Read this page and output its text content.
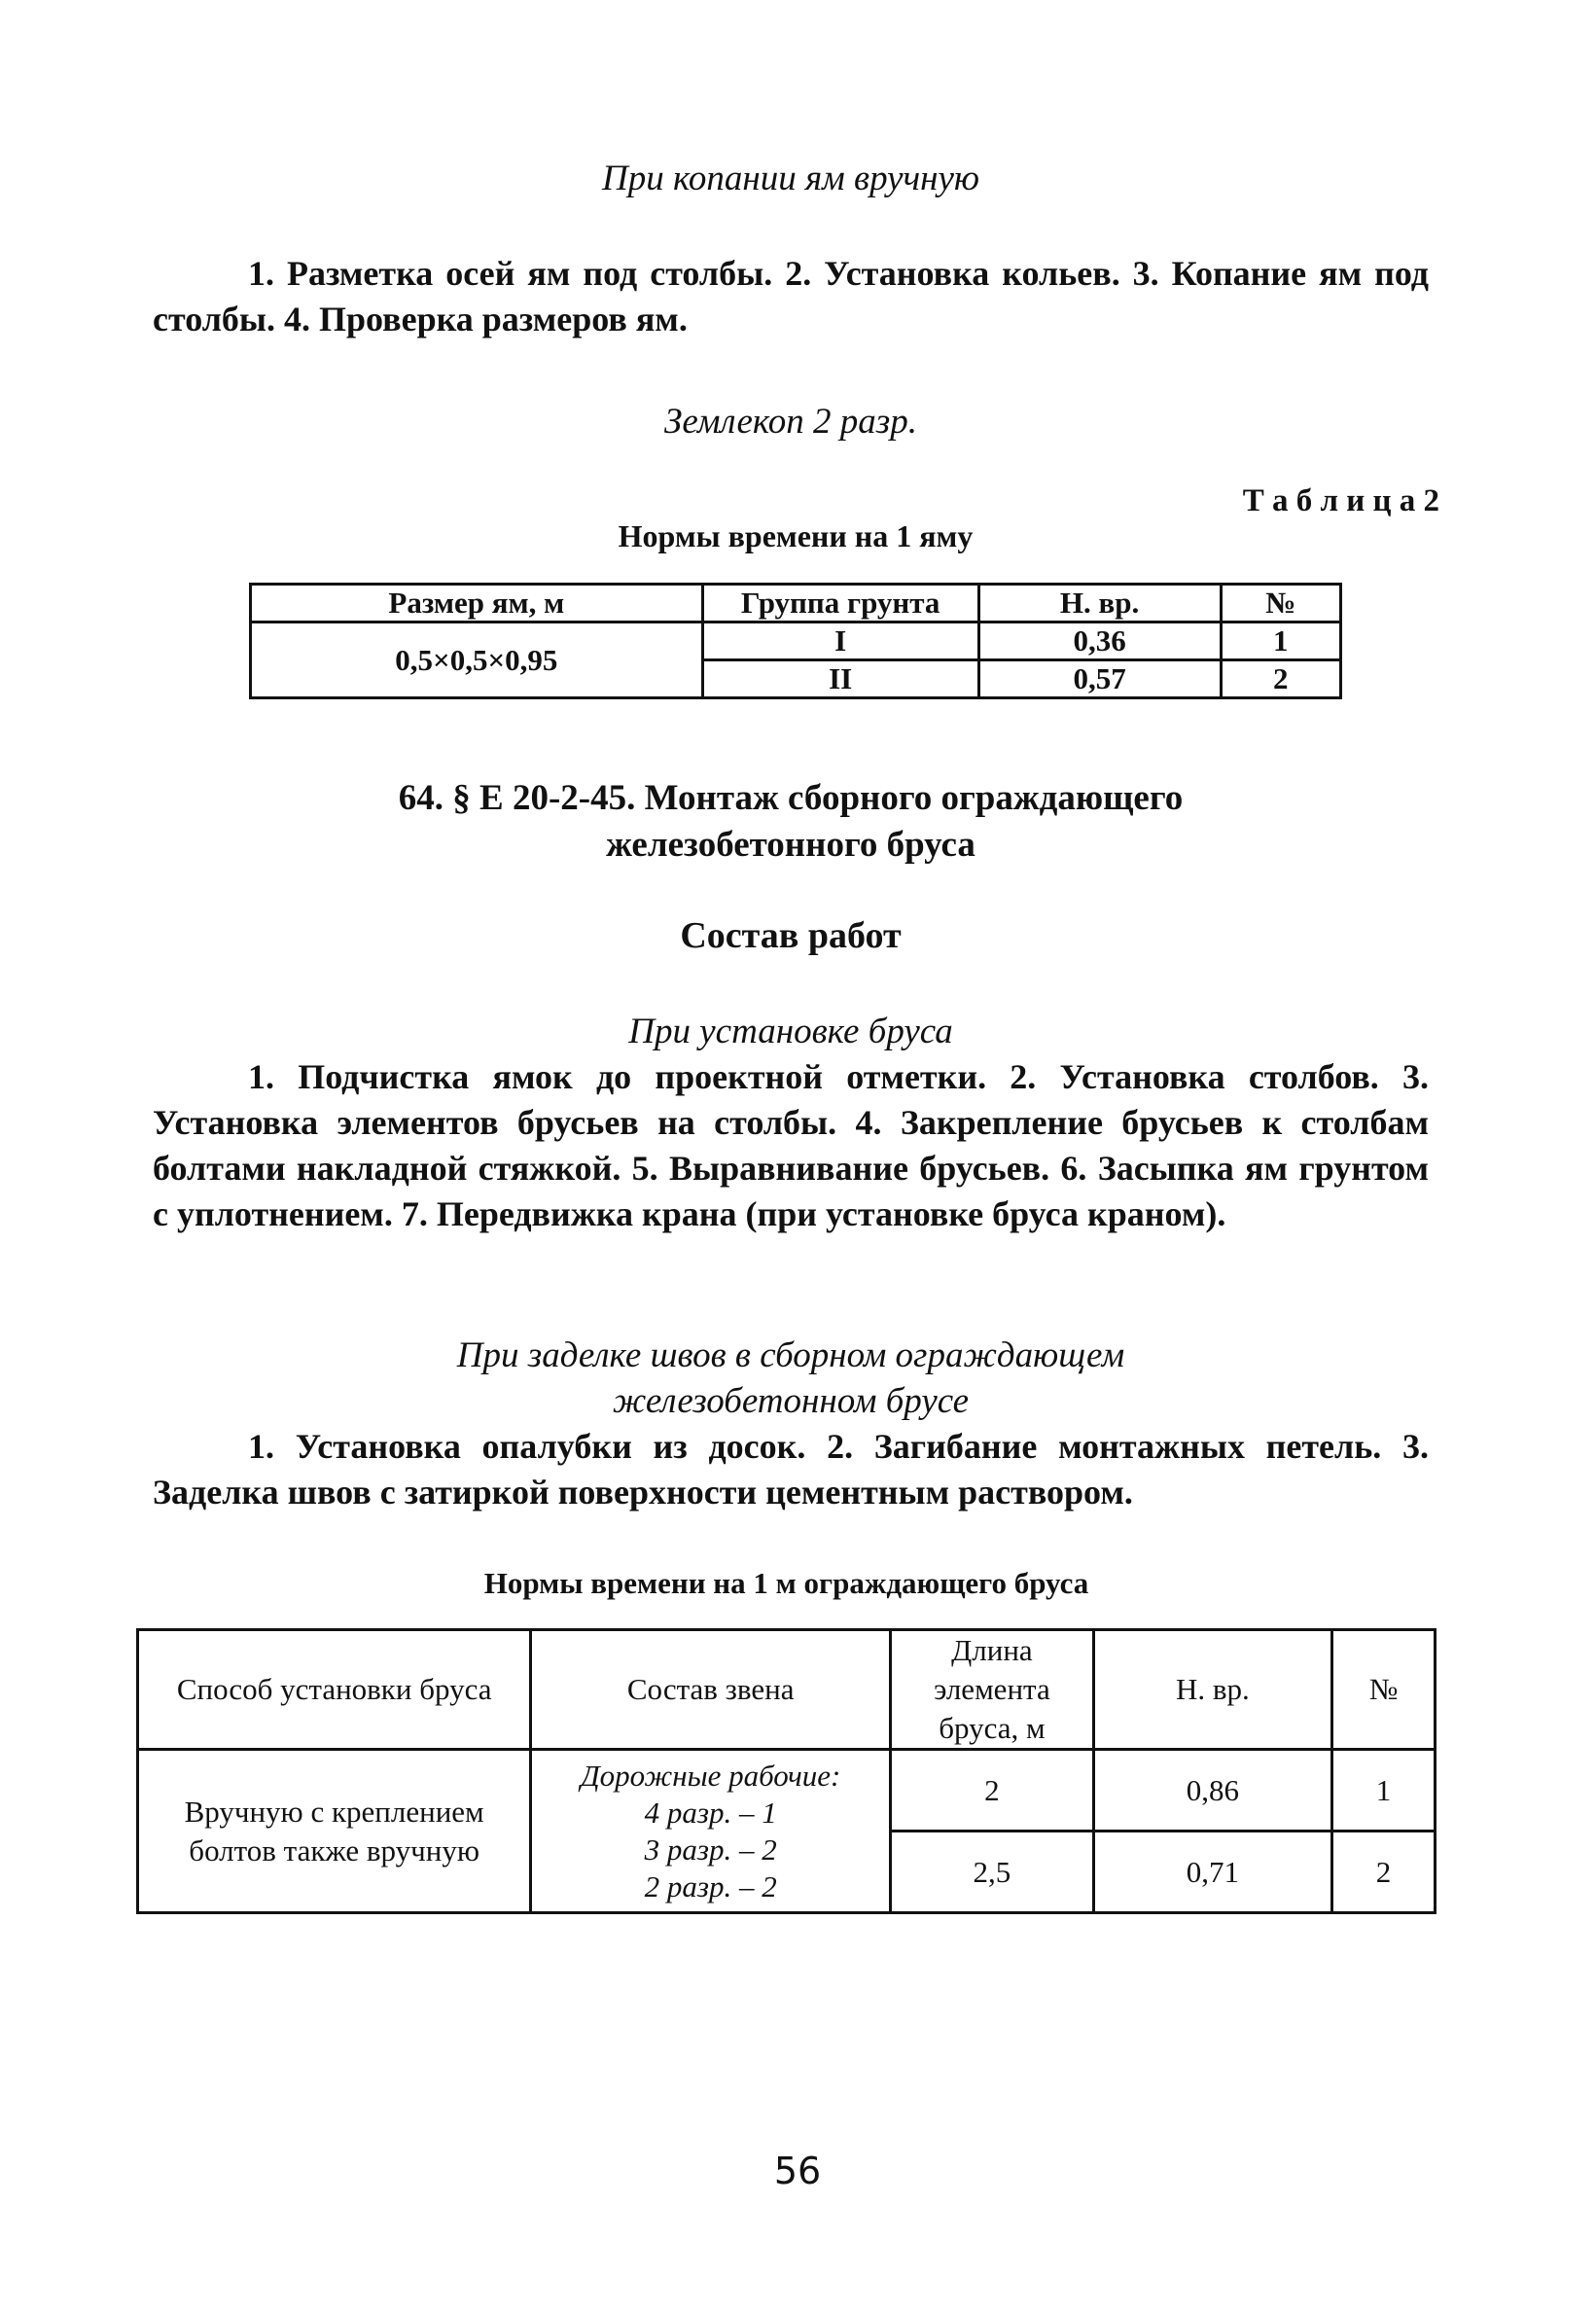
При копании ям вручную
1. Разметка осей ям под столбы. 2. Установка кольев. 3. Копание ям под столбы. 4. Проверка размеров ям.
Землекоп 2 разр.
Т а б л и ц а 2
Нормы времени на 1 яму
Размер ям, м	Группа грунта	Н. вр.	№
0,5×0,5×0,95	I	0,36	1
	II	0,57	2
64. § Е 20-2-45. Монтаж сборного ограждающего
железобетонного бруса
Состав работ
При установке бруса
1. Подчистка ямок до проектной отметки. 2. Установка столбов. 3. Установка элементов брусьев на столбы. 4. Закрепление брусьев к столбам болтами накладной стяжкой. 5. Выравнивание брусьев. 6. Засыпка ям грунтом с уплотнением. 7. Передвижка крана (при установке бруса краном).
При заделке швов в сборном ограждающем
железобетонном брусе
1. Установка опалубки из досок. 2. Загибание монтажных петель. 3. Заделка швов с затиркой поверхности цементным раствором.
Нормы времени на 1 м ограждающего бруса
Способ установки бруса	Состав звена	Длина элемента бруса, м	Н. вр.	№
Вручную с креплением болтов также вручную	Дорожные рабочие:
4 разр. – 1
3 разр. – 2
2 разр. – 2	2	0,86	1
		2,5	0,71	2
56
